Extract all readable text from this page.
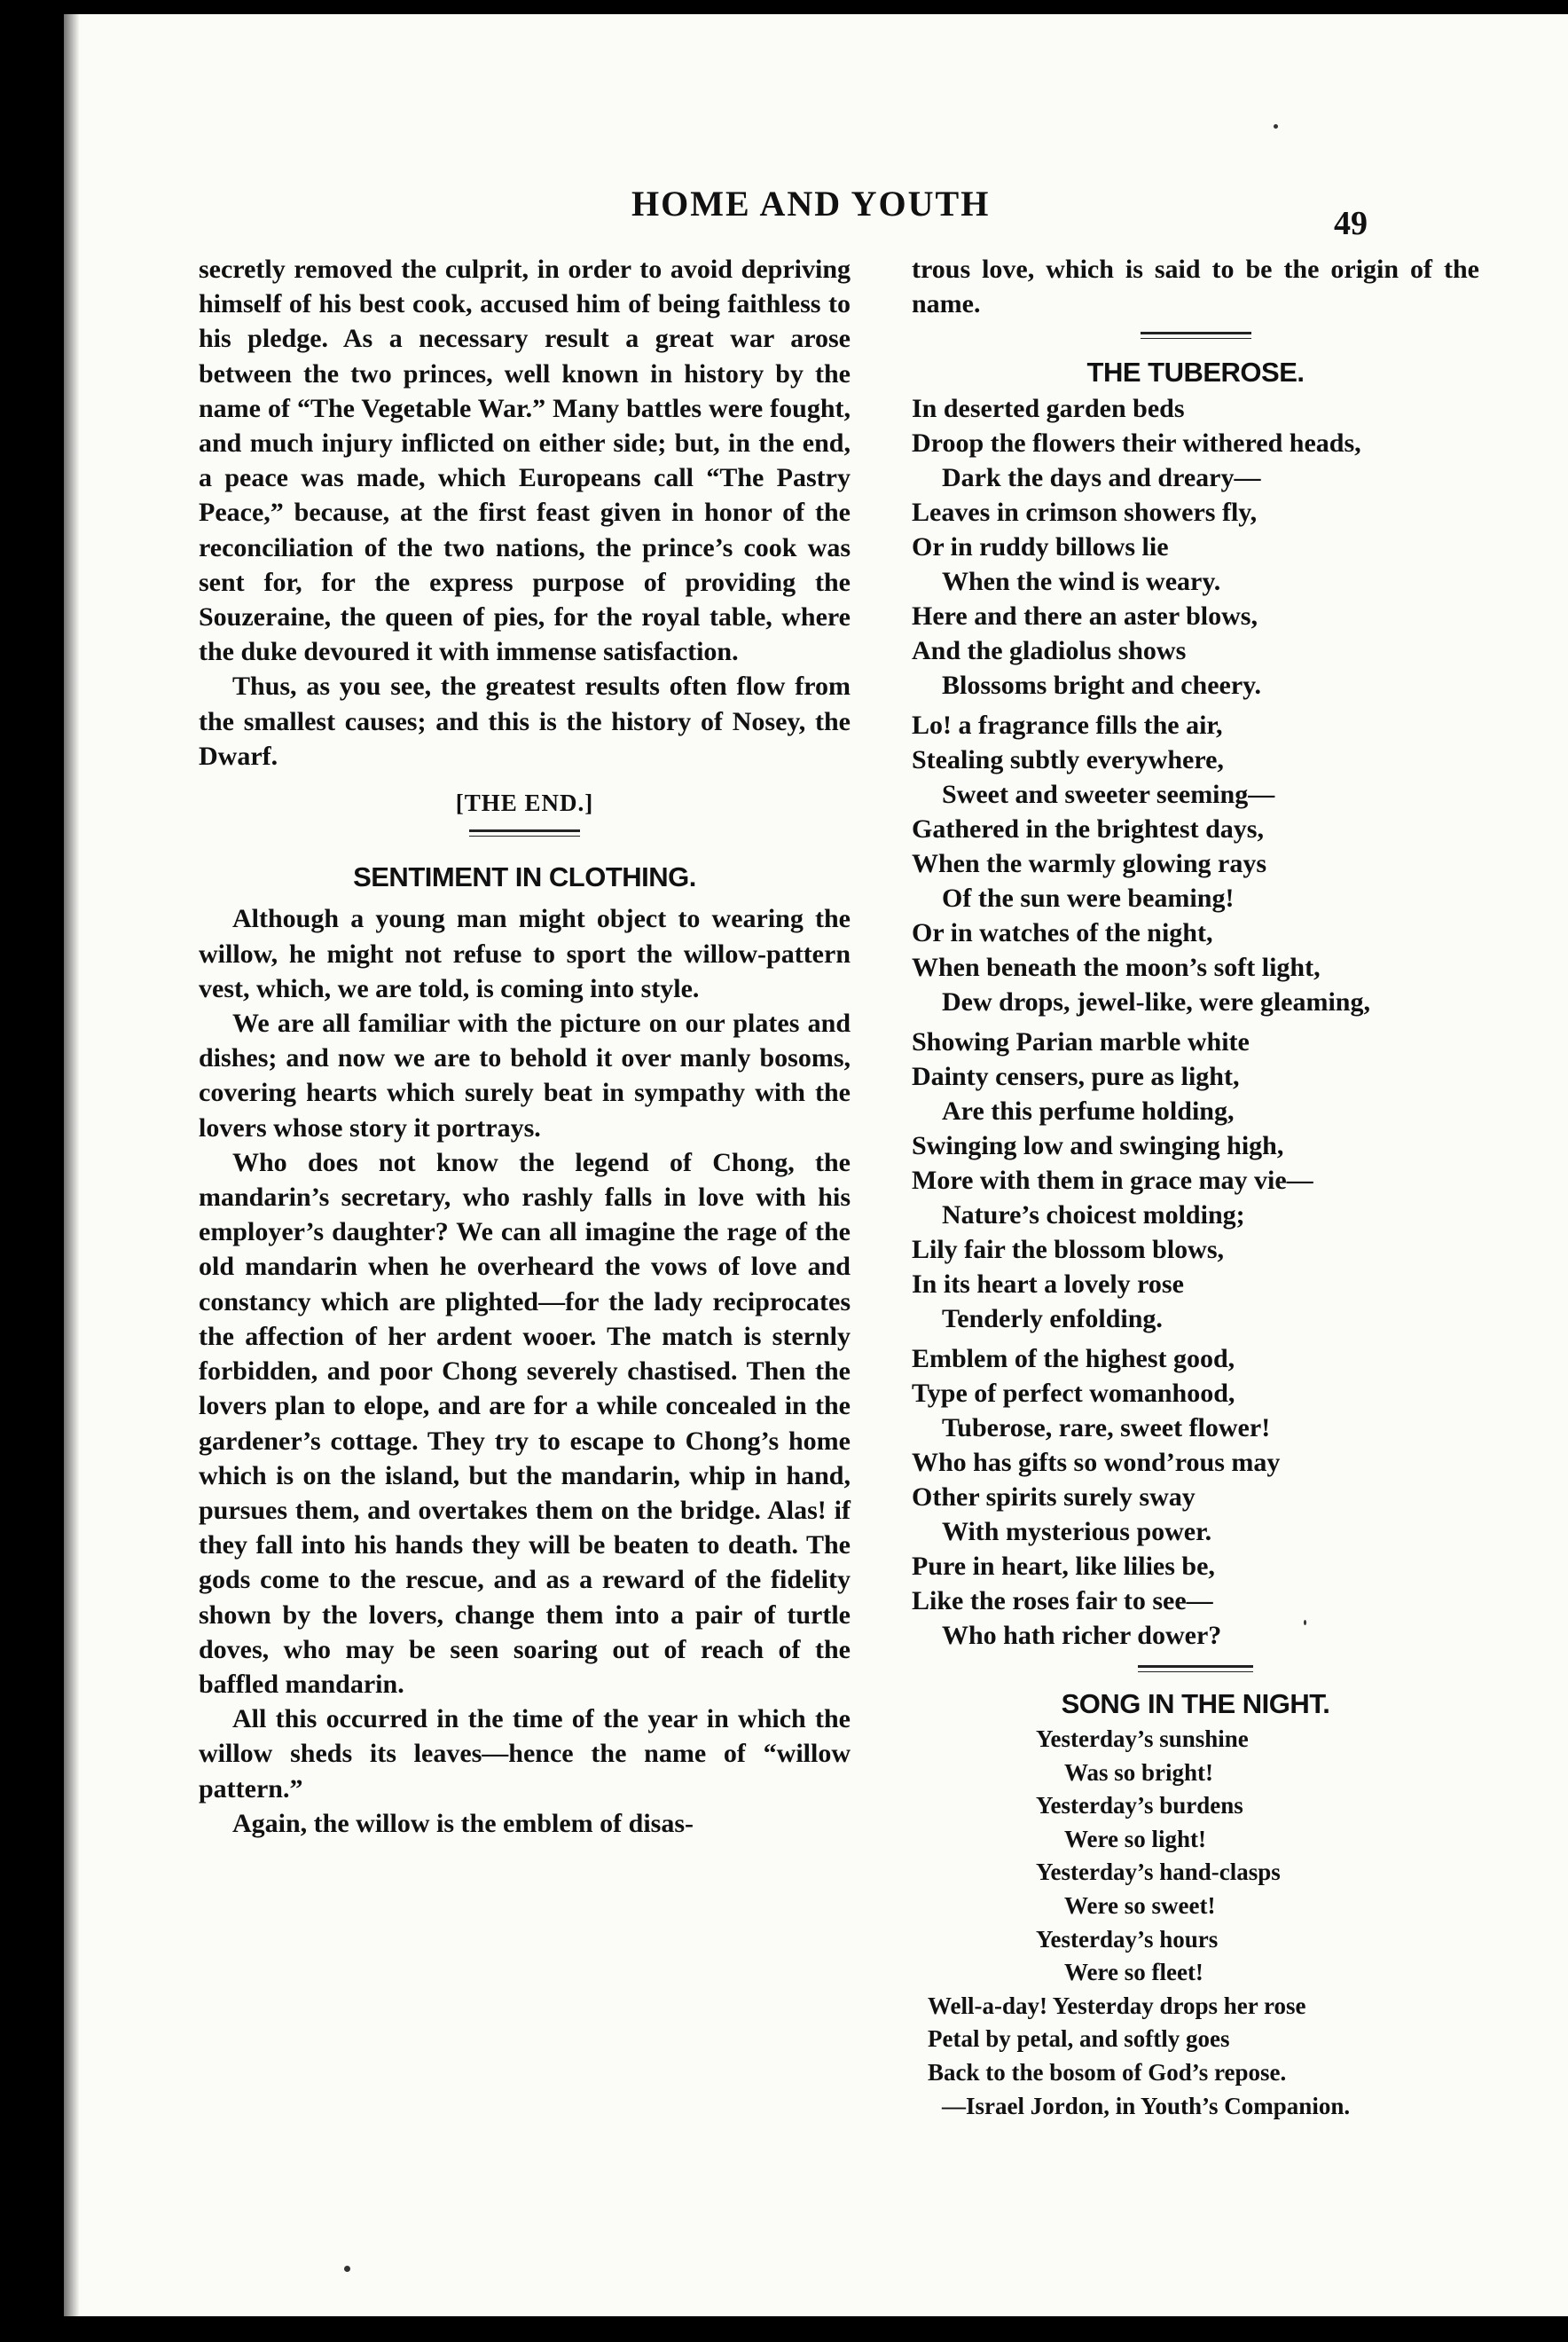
HOME AND YOUTH	49

secretly removed the culprit, in order to avoid depriving himself of his best cook, accused him of being faithless to his pledge. As a necessary result a great war arose between the two princes, well known in history by the name of “The Vegetable War.” Many battles were fought, and much injury inflicted on either side; but, in the end, a peace was made, which Europeans call “The Pastry Peace,” because, at the first feast given in honor of the reconciliation of the two nations, the prince’s cook was sent for, for the express purpose of providing the Souzeraine, the queen of pies, for the royal table, where the duke devoured it with immense satisfaction.

Thus, as you see, the greatest results often flow from the smallest causes; and this is the history of Nosey, the Dwarf.

[THE END.]
SENTIMENT IN CLOTHING.

Although a young man might object to wearing the willow, he might not refuse to sport the willow-pattern vest, which, we are told, is coming into style.

We are all familiar with the picture on our plates and dishes; and now we are to behold it over manly bosoms, covering hearts which surely beat in sympathy with the lovers whose story it portrays.

Who does not know the legend of Chong, the mandarin’s secretary, who rashly falls in love with his employer’s daughter? We can all imagine the rage of the old mandarin when he overheard the vows of love and constancy which are plighted—for the lady reciprocates the affection of her ardent wooer. The match is sternly forbidden, and poor Chong severely chastised. Then the lovers plan to elope, and are for a while concealed in the gardener’s cottage. They try to escape to Chong’s home which is on the island, but the mandarin, whip in hand, pursues them, and overtakes them on the bridge. Alas! if they fall into his hands they will be beaten to death. The gods come to the rescue, and as a reward of the fidelity shown by the lovers, change them into a pair of turtle doves, who may be seen soaring out of reach of the baffled mandarin.

All this occurred in the time of the year in which the willow sheds its leaves—hence the name of “willow pattern.”

Again, the willow is the emblem of disas-

trous love, which is said to be the origin of the name.

THE TUBEROSE.
In deserted garden beds
Droop the flowers their withered heads,
Dark the days and dreary—
Leaves in crimson showers fly,
Or in ruddy billows lie
When the wind is weary.
Here and there an aster blows,
And the gladiolus shows
Blossoms bright and cheery.
Lo! a fragrance fills the air,
Stealing subtly everywhere,
Sweet and sweeter seeming—
Gathered in the brightest days,
When the warmly glowing rays
Of the sun were beaming!
Or in watches of the night,
When beneath the moon’s soft light,
Dew drops, jewel-like, were gleaming,
Showing Parian marble white
Dainty censers, pure as light,
Are this perfume holding,
Swinging low and swinging high,
More with them in grace may vie—
Nature’s choicest molding;
Lily fair the blossom blows,
In its heart a lovely rose
Tenderly enfolding.
Emblem of the highest good,
Type of perfect womanhood,
Tuberose, rare, sweet flower!
Who has gifts so wond’rous may
Other spirits surely sway
With mysterious power.
Pure in heart, like lilies be,
Like the roses fair to see—
Who hath richer dower?
SONG IN THE NIGHT.
Yesterday’s sunshine
Was so bright!
Yesterday’s burdens
Were so light!
Yesterday’s hand-clasps
Were so sweet!
Yesterday’s hours
Were so fleet!
Well-a-day! Yesterday drops her rose
Petal by petal, and softly goes
Back to the bosom of God’s repose.
—Israel Jordon, in Youth’s Companion.
